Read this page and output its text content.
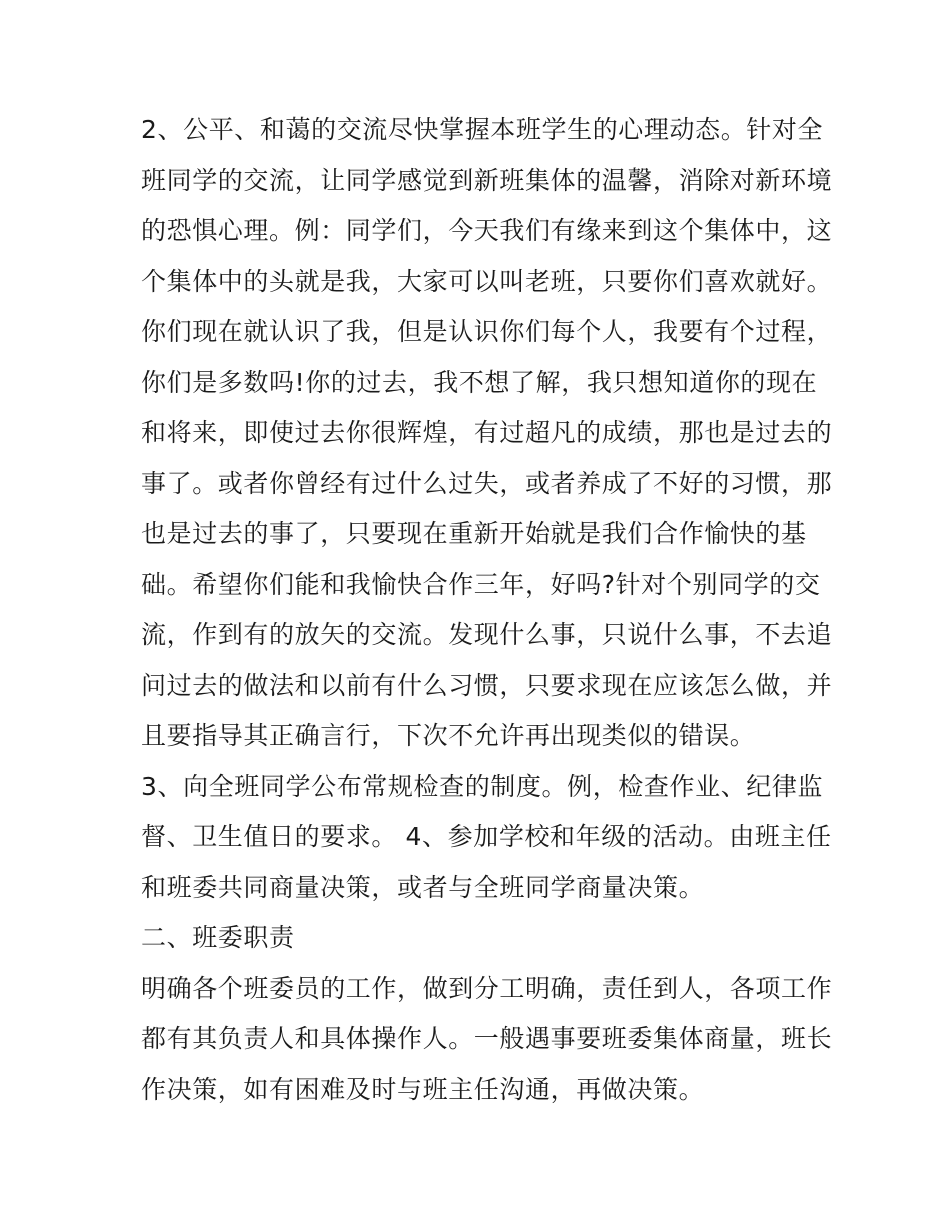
2、公平、和蔼的交流尽快掌握本班学生的心理动态。针对全
班同学的交流，让同学感觉到新班集体的温馨，消除对新环境
的恐惧心理。例：同学们，今天我们有缘来到这个集体中，这
个集体中的头就是我，大家可以叫老班，只要你们喜欢就好。
你们现在就认识了我，但是认识你们每个人，我要有个过程，
你们是多数吗!你的过去，我不想了解，我只想知道你的现在
和将来，即使过去你很辉煌，有过超凡的成绩，那也是过去的
事了。或者你曾经有过什么过失，或者养成了不好的习惯，那
也是过去的事了，只要现在重新开始就是我们合作愉快的基
础。希望你们能和我愉快合作三年，好吗?针对个别同学的交
流，作到有的放矢的交流。发现什么事，只说什么事，不去追
问过去的做法和以前有什么习惯，只要求现在应该怎么做，并
且要指导其正确言行，下次不允许再出现类似的错误。
3、向全班同学公布常规检查的制度。例，检查作业、纪律监
督、卫生值日的要求。 4、参加学校和年级的活动。由班主任
和班委共同商量决策，或者与全班同学商量决策。
二、班委职责
明确各个班委员的工作，做到分工明确，责任到人，各项工作
都有其负责人和具体操作人。一般遇事要班委集体商量，班长
作决策，如有困难及时与班主任沟通，再做决策。
